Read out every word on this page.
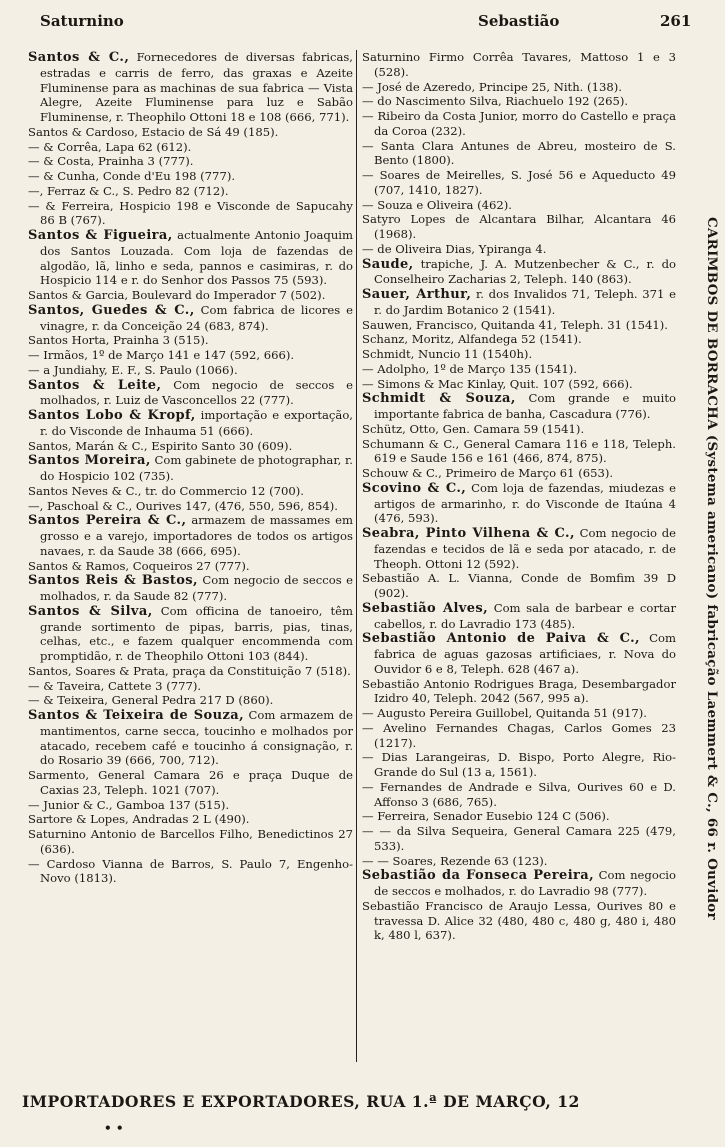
Saturnino	Sebastião	261

Santos & C., Fornecedores de diversas fabricas, estradas e carris de ferro, das graxas e Azeite Fluminense para as machinas de sua fabrica — Vista Alegre, Azeite Fluminense para luz e Sabão Fluminense, r. Theophilo Ottoni 18 e 108 (666, 771).

Santos & Cardoso, Estacio de Sá 49 (185).

— & Corrêa, Lapa 62 (612).

— & Costa, Prainha 3 (777).

— & Cunha, Conde d'Eu 198 (777).

—, Ferraz & C., S. Pedro 82 (712).

— & Ferreira, Hospicio 198 e Visconde de Sapucahy 86 B (767).

Santos & Figueira, actualmente Antonio Joaquim dos Santos Louzada. Com loja de fazendas de algodão, lã, linho e seda, pannos e casimiras, r. do Hospicio 114 e r. do Senhor dos Passos 75 (593).

Santos & Garcia, Boulevard do Imperador 7 (502).

Santos, Guedes & C., Com fabrica de licores e vinagre, r. da Conceição 24 (683, 874).

Santos Horta, Prainha 3 (515).

— Irmãos, 1º de Março 141 e 147 (592, 666).

— a Jundiahy, E. F., S. Paulo (1066).

Santos & Leite, Com negocio de seccos e molhados, r. Luiz de Vasconcellos 22 (777).

Santos Lobo & Kropf, importação e exportação, r. do Visconde de Inhauma 51 (666).

Santos, Marán & C., Espirito Santo 30 (609).

Santos Moreira, Com gabinete de photographar, r. do Hospicio 102 (735).

Santos Neves & C., tr. do Commercio 12 (700).

—, Paschoal & C., Ourives 147, (476, 550, 596, 854).

Santos Pereira & C., armazem de massames em grosso e a varejo, importadores de todos os artigos navaes, r. da Saude 38 (666, 695).

Santos & Ramos, Coqueiros 27 (777).

Santos Reis & Bastos, Com negocio de seccos e molhados, r. da Saude 82 (777).

Santos & Silva, Com officina de tanoeiro, têm grande sortimento de pipas, barris, pias, tinas, celhas, etc., e fazem qualquer encommenda com promptidão, r. de Theophilo Ottoni 103 (844).

Santos, Soares & Prata, praça da Constituição 7 (518).

— & Taveira, Cattete 3 (777).

— & Teixeira, General Pedra 217 D (860).

Santos & Teixeira de Souza, Com armazem de mantimentos, carne secca, toucinho e molhados por atacado, recebem café e toucinho á consignação, r. do Rosario 39 (666, 700, 712).

Sarmento, General Camara 26 e praça Duque de Caxias 23, Teleph. 1021 (707).

— Junior & C., Gamboa 137 (515).

Sartore & Lopes, Andradas 2 L (490).

Saturnino Antonio de Barcellos Filho, Benedictinos 27 (636).

— Cardoso Vianna de Barros, S. Paulo 7, Engenho-Novo (1813).

Saturnino Firmo Corrêa Tavares, Mattoso 1 e 3 (528).

— José de Azeredo, Principe 25, Nith. (138).

— do Nascimento Silva, Riachuelo 192 (265).

— Ribeiro da Costa Junior, morro do Castello e praça da Coroa (232).

— Santa Clara Antunes de Abreu, mosteiro de S. Bento (1800).

— Soares de Meirelles, S. José 56 e Aqueducto 49 (707, 1410, 1827).

— Souza e Oliveira (462).

Satyro Lopes de Alcantara Bilhar, Alcantara 46 (1968).

— de Oliveira Dias, Ypiranga 4.

Saude, trapiche, J. A. Mutzenbecher & C., r. do Conselheiro Zacharias 2, Teleph. 140 (863).

Sauer, Arthur, r. dos Invalidos 71, Teleph. 371 e r. do Jardim Botanico 2 (1541).

Sauwen, Francisco, Quitanda 41, Teleph. 31 (1541).

Schanz, Moritz, Alfandega 52 (1541).

Schmidt, Nuncio 11 (1540h).

— Adolpho, 1º de Março 135 (1541).

— Simons & Mac Kinlay, Quit. 107 (592, 666).

Schmidt & Souza, Com grande e muito importante fabrica de banha, Cascadura (776).

Schütz, Otto, Gen. Camara 59 (1541).

Schumann & C., General Camara 116 e 118, Teleph. 619 e Saude 156 e 161 (466, 874, 875).

Schouw & C., Primeiro de Março 61 (653).

Scovino & C., Com loja de fazendas, miudezas e artigos de armarinho, r. do Visconde de Itaúna 4 (476, 593).

Seabra, Pinto Vilhena & C., Com negocio de fazendas e tecidos de lã e seda por atacado, r. de Theoph. Ottoni 12 (592).

Sebastião A. L. Vianna, Conde de Bomfim 39 D (902).

Sebastião Alves, Com sala de barbear e cortar cabellos, r. do Lavradio 173 (485).

Sebastião Antonio de Paiva & C., Com fabrica de aguas gazosas artificiaes, r. Nova do Ouvidor 6 e 8, Teleph. 628 (467 a).

Sebastião Antonio Rodrigues Braga, Desembargador Izidro 40, Teleph. 2042 (567, 995 a).

— Augusto Pereira Guillobel, Quitanda 51 (917).

— Avelino Fernandes Chagas, Carlos Gomes 23 (1217).

— Dias Larangeiras, D. Bispo, Porto Alegre, Rio-Grande do Sul (13 a, 1561).

— Fernandes de Andrade e Silva, Ourives 60 e D. Affonso 3 (686, 765).

— Ferreira, Senador Eusebio 124 C (506).

— — da Silva Sequeira, General Camara 225 (479, 533).

— — Soares, Rezende 63 (123).

Sebastião da Fonseca Pereira, Com negocio de seccos e molhados, r. do Lavradio 98 (777).

Sebastião Francisco de Araujo Lessa, Ourives 80 e travessa D. Alice 32 (480, 480 c, 480 g, 480 i, 480 k, 480 l, 637).

CARIMBOS DE BORRACHA (Systema americano) fabricação Laemmert & C., 66 r. Ouvidor
IMPORTADORES E EXPORTADORES, RUA 1.ª DE MARÇO, 12
• •
